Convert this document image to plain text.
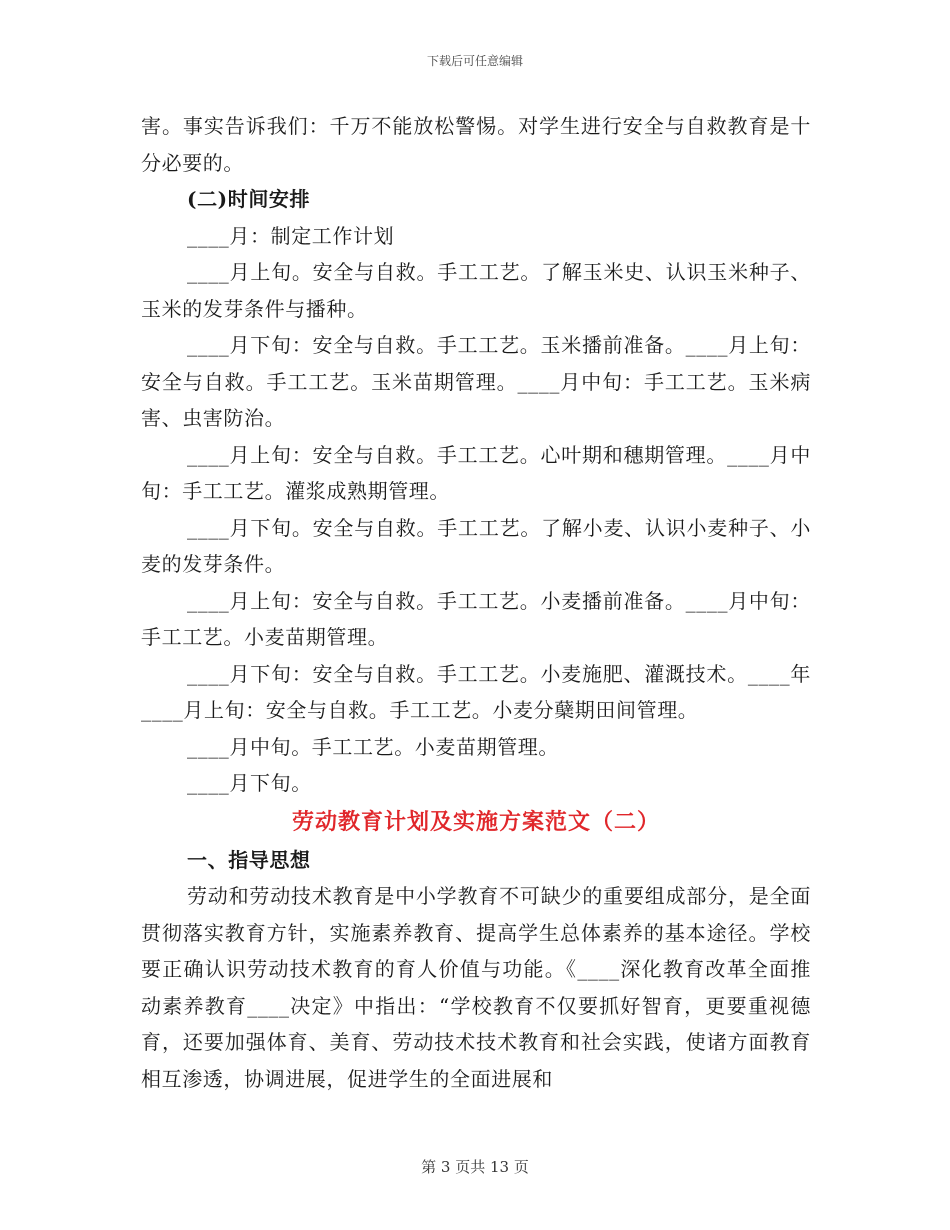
下载后可任意编辑

害。事实告诉我们：千万不能放松警惕。对学生进行安全与自救教育是十分必要的。

(二)时间安排

____月：制定工作计划

____月上旬。安全与自救。手工工艺。了解玉米史、认识玉米种子、玉米的发芽条件与播种。

____月下旬：安全与自救。手工工艺。玉米播前准备。____月上旬：安全与自救。手工工艺。玉米苗期管理。____月中旬：手工工艺。玉米病害、虫害防治。

____月上旬：安全与自救。手工工艺。心叶期和穗期管理。____月中旬：手工工艺。灌浆成熟期管理。

____月下旬。安全与自救。手工工艺。了解小麦、认识小麦种子、小麦的发芽条件。

____月上旬：安全与自救。手工工艺。小麦播前准备。____月中旬：手工工艺。小麦苗期管理。

____月下旬：安全与自救。手工工艺。小麦施肥、灌溉技术。____年____月上旬：安全与自救。手工工艺。小麦分蘖期田间管理。

____月中旬。手工工艺。小麦苗期管理。

____月下旬。

劳动教育计划及实施方案范文（二）

一、指导思想

劳动和劳动技术教育是中小学教育不可缺少的重要组成部分，是全面贯彻落实教育方针，实施素养教育、提高学生总体素养的基本途径。学校要正确认识劳动技术教育的育人价值与功能。《____深化教育改革全面推动素养教育____决定》中指出：“学校教育不仅要抓好智育，更要重视德育，还要加强体育、美育、劳动技术技术教育和社会实践，使诸方面教育相互渗透，协调进展，促进学生的全面进展和

第 3 页共 13 页
